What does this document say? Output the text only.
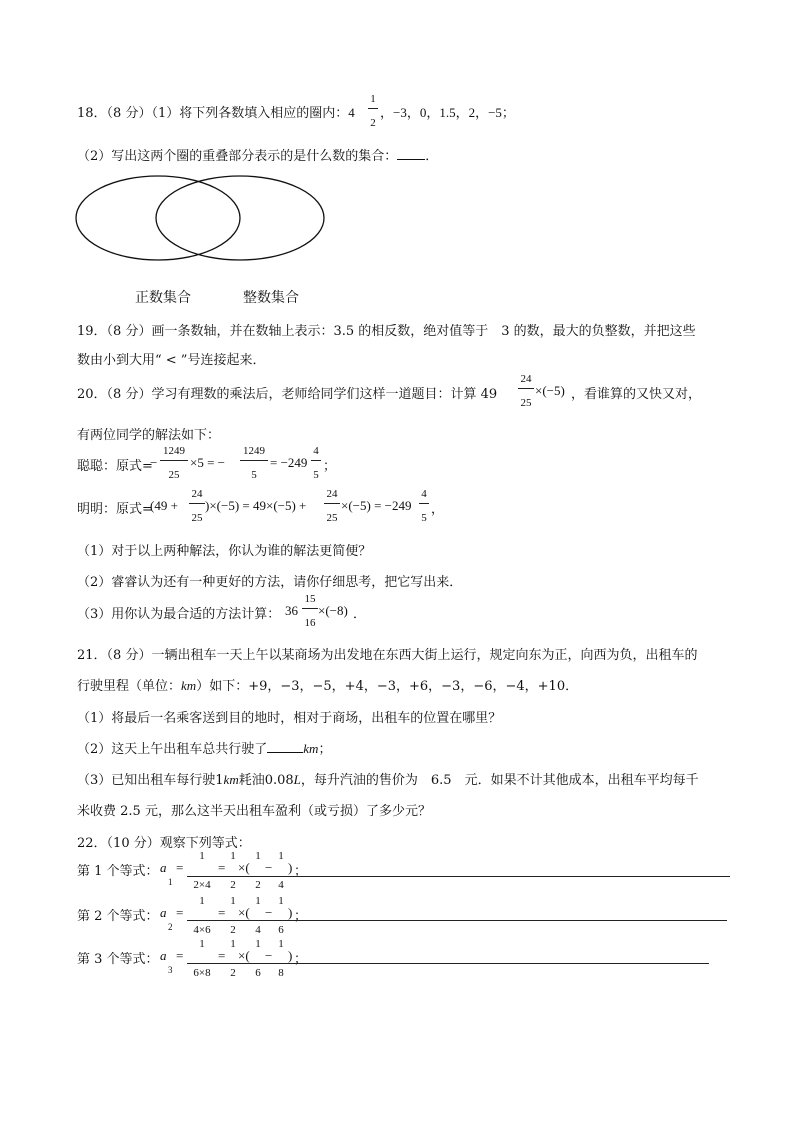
18．（8 分）（1）将下列各数填入相应的圈内：4
1
2
，−3，0，1.5，2，−5；
（2）写出这两个圈的重叠部分表示的是什么数的集合： ．
正数集合	整数集合
19．（8 分）画一条数轴，并在数轴上表示：3.5 的相反数，绝对值等于　3 的数，最大的负整数，并把这些
数由小到大用“ < ”号连接起来．
20．（8 分）学习有理数的乘法后，老师给同学们这样一道题目：计算 49
24
25
×(−5) ，看谁算的又快又对，
有两位同学的解法如下：
聪聪：原式=
−
1249
25
×5 = −
1249
5
= −249
4
5
；
明明：原式=
(49 +
24
25
)×(−5) = 49×(−5) +
24
25
×(−5) = −249
4
5
，
（1）对于以上两种解法，你认为谁的解法更简便？
（2）睿睿认为还有一种更好的方法，请你仔细思考，把它写出来．
（3）用你认为最合适的方法计算： 36
15
16
×(−8) ．
21．（8 分）一辆出租车一天上午以某商场为出发地在东西大街上运行，规定向东为正，向西为负，出租车的
行驶里程（单位：km）如下：+9，−3，−5，+4，−3，+6，−3，−6，−4，+10．
（1）将最后一名乘客送到目的地时，相对于商场，出租车的位置在哪里？
（2）这天上午出租车总共行驶了	km；
（3）已知出租车每行驶1km耗油0.08L，每升汽油的售价为　6.5　元．如果不计其他成本，出租车平均每千
米收费 2.5 元，那么这半天出租车盈利（或亏损）了多少元？
22．（10 分）观察下列等式：
第 1 个等式： a
1
=
1
2×4
=
1
2
×(
1
2
−
1
4
) ；
第 2 个等式： a
2
=
1
4×6
=
1
2
×(
1
4
−
1
6
) ；
第 3 个等式： a
3
=
1
6×8
=
1
2
×(
1
6
−
1
8
) ；
